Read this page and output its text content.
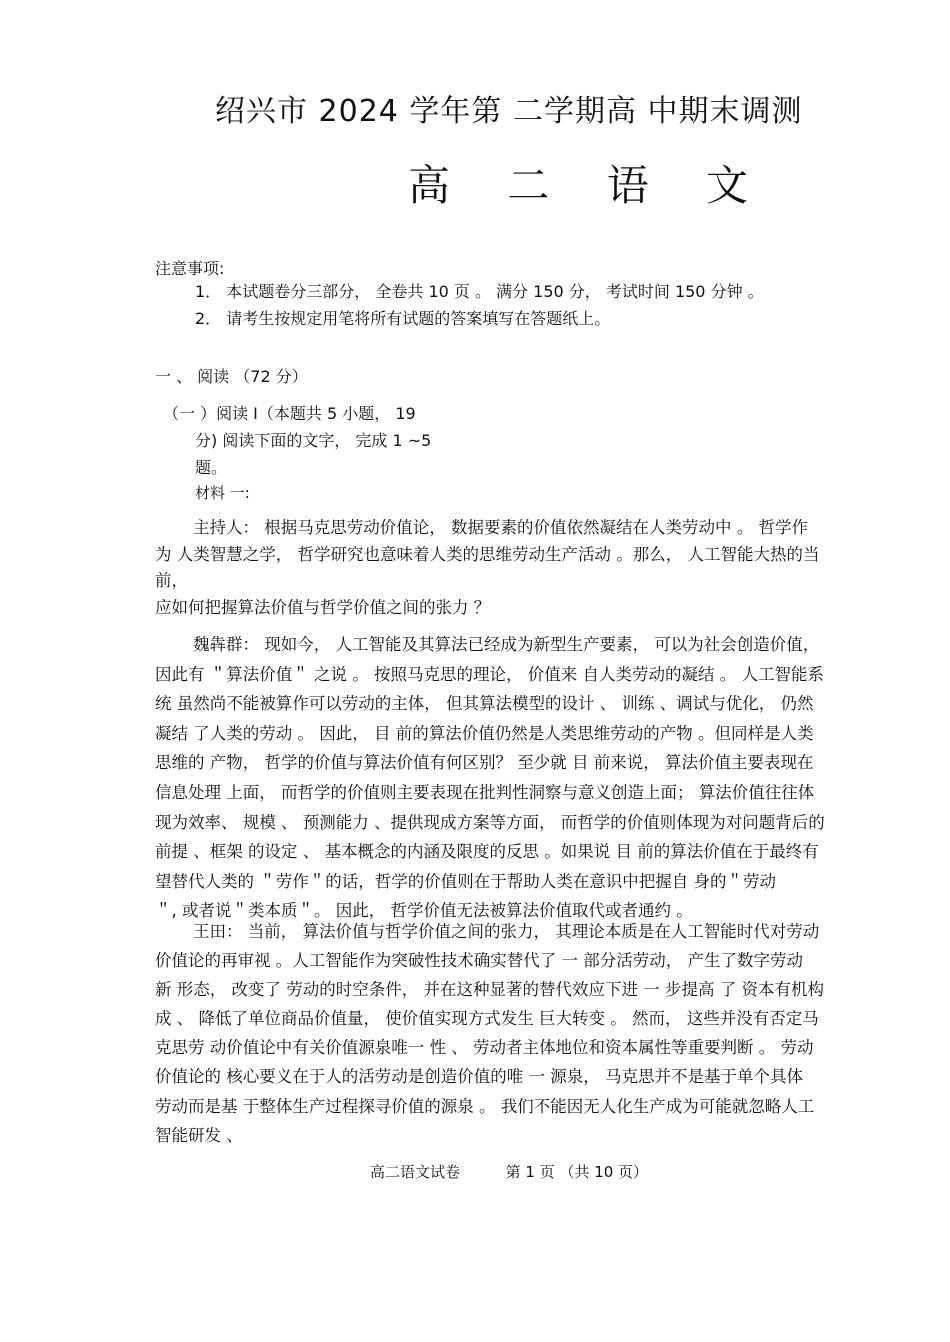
绍兴市 2024 学年第 二学期高 中期末调测
高 二 语 文
注意事项:
1． 本试题卷分三部分， 全卷共 10 页 。 满分 150 分， 考试时间 150 分钟 。
2． 请考生按规定用笔将所有试题的答案填写在答题纸上。
一 、 阅读 （72 分）
（一 ）阅读 I（本题共 5 小题， 19
分) 阅读下面的文字， 完成 1 ~5
题。
材料 一:
主持人： 根据马克思劳动价值论， 数据要素的价值依然凝结在人类劳动中 。 哲学作
为 人类智慧之学， 哲学研究也意味着人类的思维劳动生产活动 。那么， 人工智能大热的当
前，
应如何把握算法价值与哲学价值之间的张力 ？
魏犇群： 现如今， 人工智能及其算法已经成为新型生产要素， 可以为社会创造价值，
因此有 ＂算法价值＂ 之说 。 按照马克思的理论， 价值来 自人类劳动的凝结 。 人工智能系
统 虽然尚不能被算作可以劳动的主体， 但其算法模型的设计 、 训练 、调试与优化， 仍然
凝结 了人类的劳动 。 因此， 目 前的算法价值仍然是人类思维劳动的产物 。但同样是人类
思维的 产物， 哲学的价值与算法价值有何区别？ 至少就 目 前来说， 算法价值主要表现在
信息处理 上面， 而哲学的价值则主要表现在批判性洞察与意义创造上面； 算法价值往往体
现为效率、 规模 、 预测能力 、提供现成方案等方面， 而哲学的价值则体现为对问题背后的
前提 、框架 的设定 、 基本概念的内涵及限度的反思 。如果说 目 前的算法价值在于最终有
望替代人类的 ＂劳作＂的话，哲学的价值则在于帮助人类在意识中把握自 身的＂劳动
＂, 或者说＂类本质＂。 因此， 哲学价值无法被算法价值取代或者通约 。
王田： 当前， 算法价值与哲学价值之间的张力， 其理论本质是在人工智能时代对劳动
价值论的再审视 。人工智能作为突破性技术确实替代了 一 部分活劳动， 产生了数字劳动
新 形态， 改变了 劳动的时空条件， 并在这种显著的替代效应下进 一 步提高 了 资本有机构
成 、 降低了单位商品价值量， 使价值实现方式发生 巨大转变 。 然而， 这些并没有否定马
克思劳 动价值论中有关价值源泉唯一 性 、 劳动者主体地位和资本属性等重要判断 。 劳动
价值论的 核心要义在于人的活劳动是创造价值的唯 一 源泉， 马克思并不是基于单个具体
劳动而是基 于整体生产过程探寻价值的源泉 。 我们不能因无人化生产成为可能就忽略人工
智能研发 、
高二语文试卷	第 1 页 （共 10 页）
